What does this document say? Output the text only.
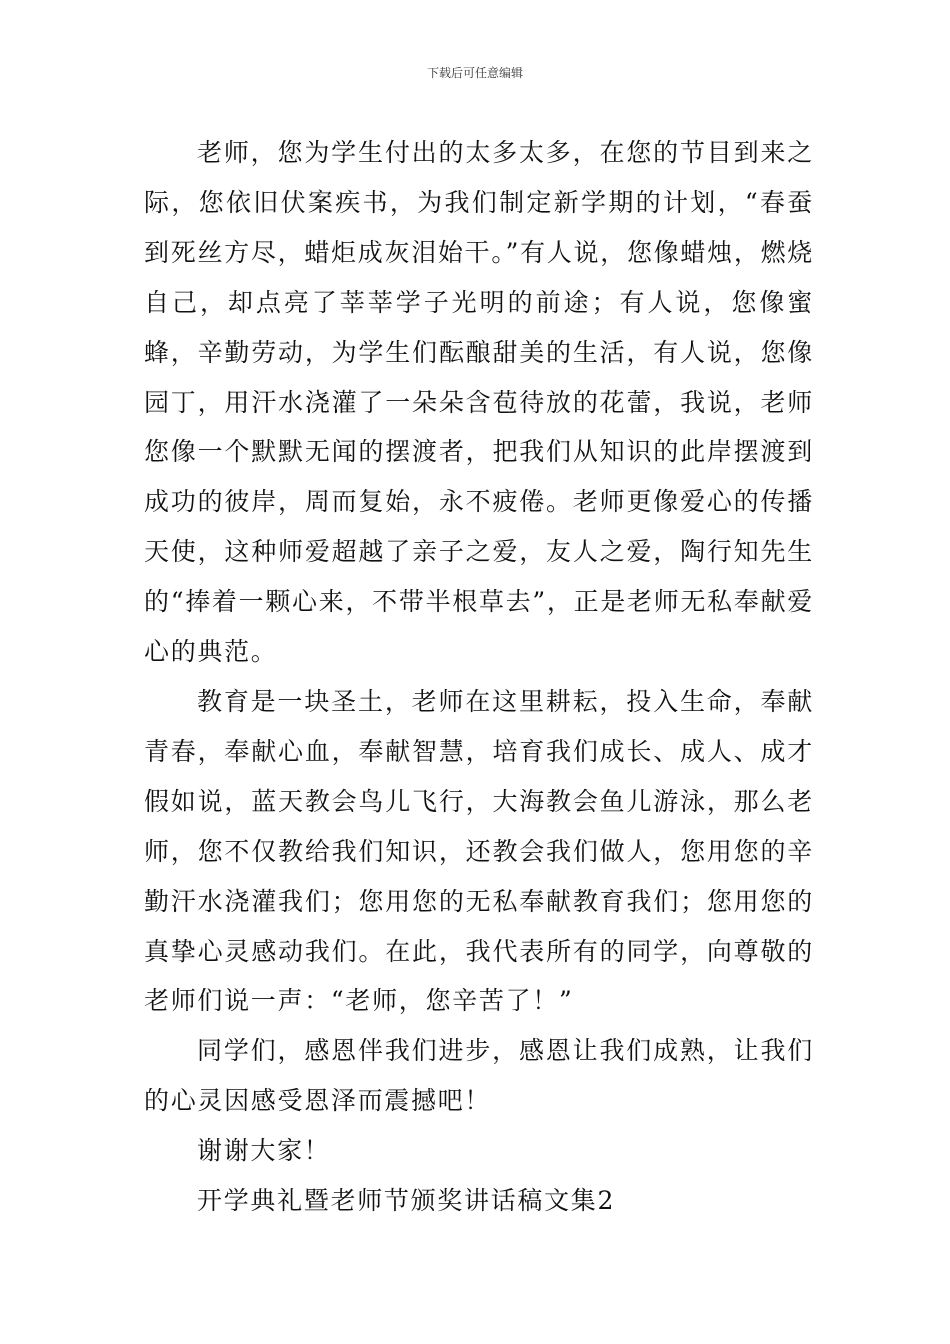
下载后可任意编辑

老师，您为学生付出的太多太多，在您的节目到来之际，您依旧伏案疾书，为我们制定新学期的计划，“春蚕到死丝方尽，蜡炬成灰泪始干。”有人说，您像蜡烛，燃烧自己，却点亮了莘莘学子光明的前途；有人说，您像蜜蜂，辛勤劳动，为学生们酝酿甜美的生活，有人说，您像园丁，用汗水浇灌了一朵朵含苞待放的花蕾，我说，老师您像一个默默无闻的摆渡者，把我们从知识的此岸摆渡到成功的彼岸，周而复始，永不疲倦。老师更像爱心的传播天使，这种师爱超越了亲子之爱，友人之爱，陶行知先生的“捧着一颗心来，不带半根草去”，正是老师无私奉献爱心的典范。

教育是一块圣土，老师在这里耕耘，投入生命，奉献青春，奉献心血，奉献智慧，培育我们成长、成人、成才假如说，蓝天教会鸟儿飞行，大海教会鱼儿游泳，那么老师，您不仅教给我们知识，还教会我们做人，您用您的辛勤汗水浇灌我们；您用您的无私奉献教育我们；您用您的真挚心灵感动我们。在此，我代表所有的同学，向尊敬的老师们说一声：“老师，您辛苦了！”

同学们，感恩伴我们进步，感恩让我们成熟，让我们的心灵因感受恩泽而震撼吧！

谢谢大家！

开学典礼暨老师节颁奖讲话稿文集2
